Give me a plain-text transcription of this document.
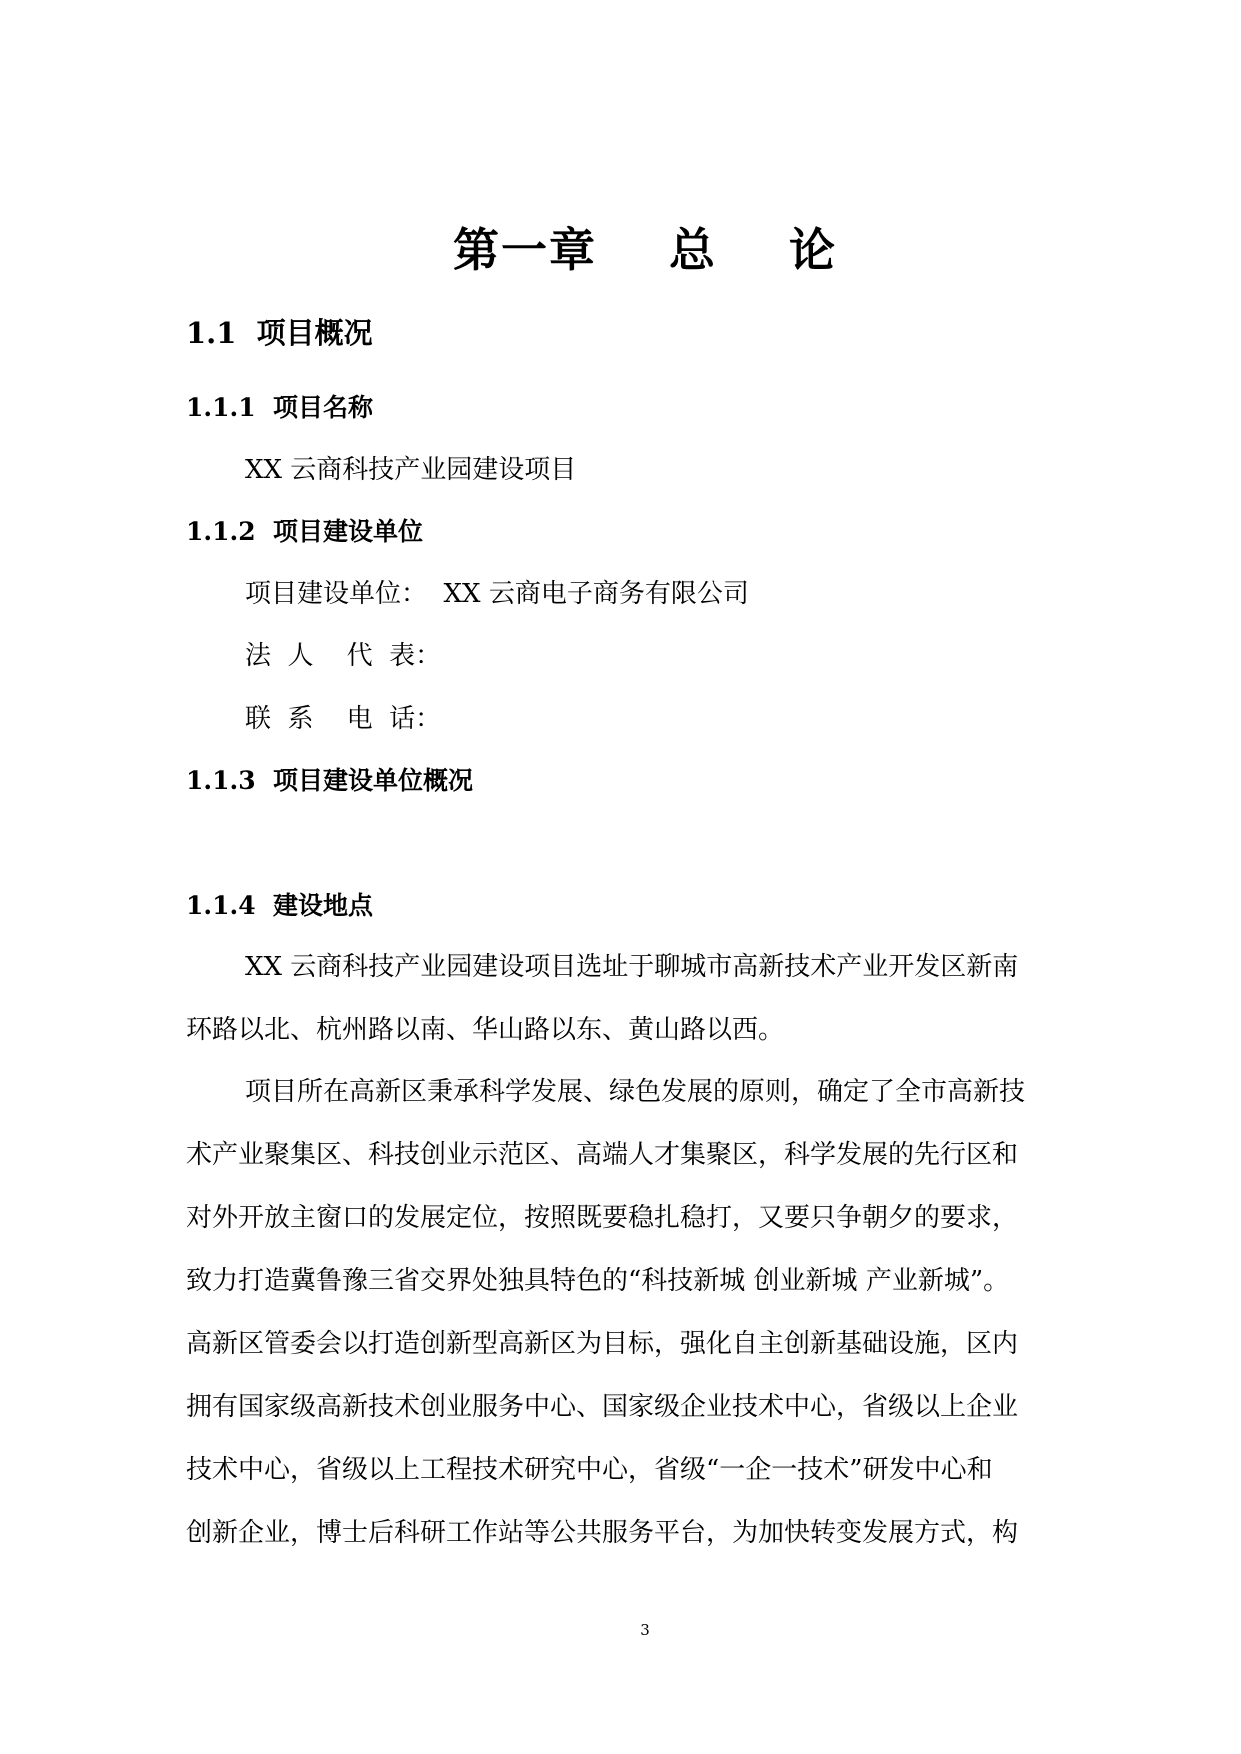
第一章    总    论
1.1  项目概况
1.1.1  项目名称
XX 云商科技产业园建设项目
1.1.2  项目建设单位
项目建设单位：  XX 云商电子商务有限公司
法  人    代  表：
联  系    电  话：
1.1.3  项目建设单位概况
1.1.4  建设地点
XX 云商科技产业园建设项目选址于聊城市高新技术产业开发区新南
环路以北、杭州路以南、华山路以东、黄山路以西。
项目所在高新区秉承科学发展、绿色发展的原则，确定了全市高新技
术产业聚集区、科技创业示范区、高端人才集聚区，科学发展的先行区和
对外开放主窗口的发展定位，按照既要稳扎稳打，又要只争朝夕的要求，
致力打造冀鲁豫三省交界处独具特色的“科技新城 创业新城 产业新城”。
高新区管委会以打造创新型高新区为目标，强化自主创新基础设施，区内
拥有国家级高新技术创业服务中心、国家级企业技术中心，省级以上企业
技术中心，省级以上工程技术研究中心，省级“一企一技术”研发中心和
创新企业，博士后科研工作站等公共服务平台，为加快转变发展方式，构
3
